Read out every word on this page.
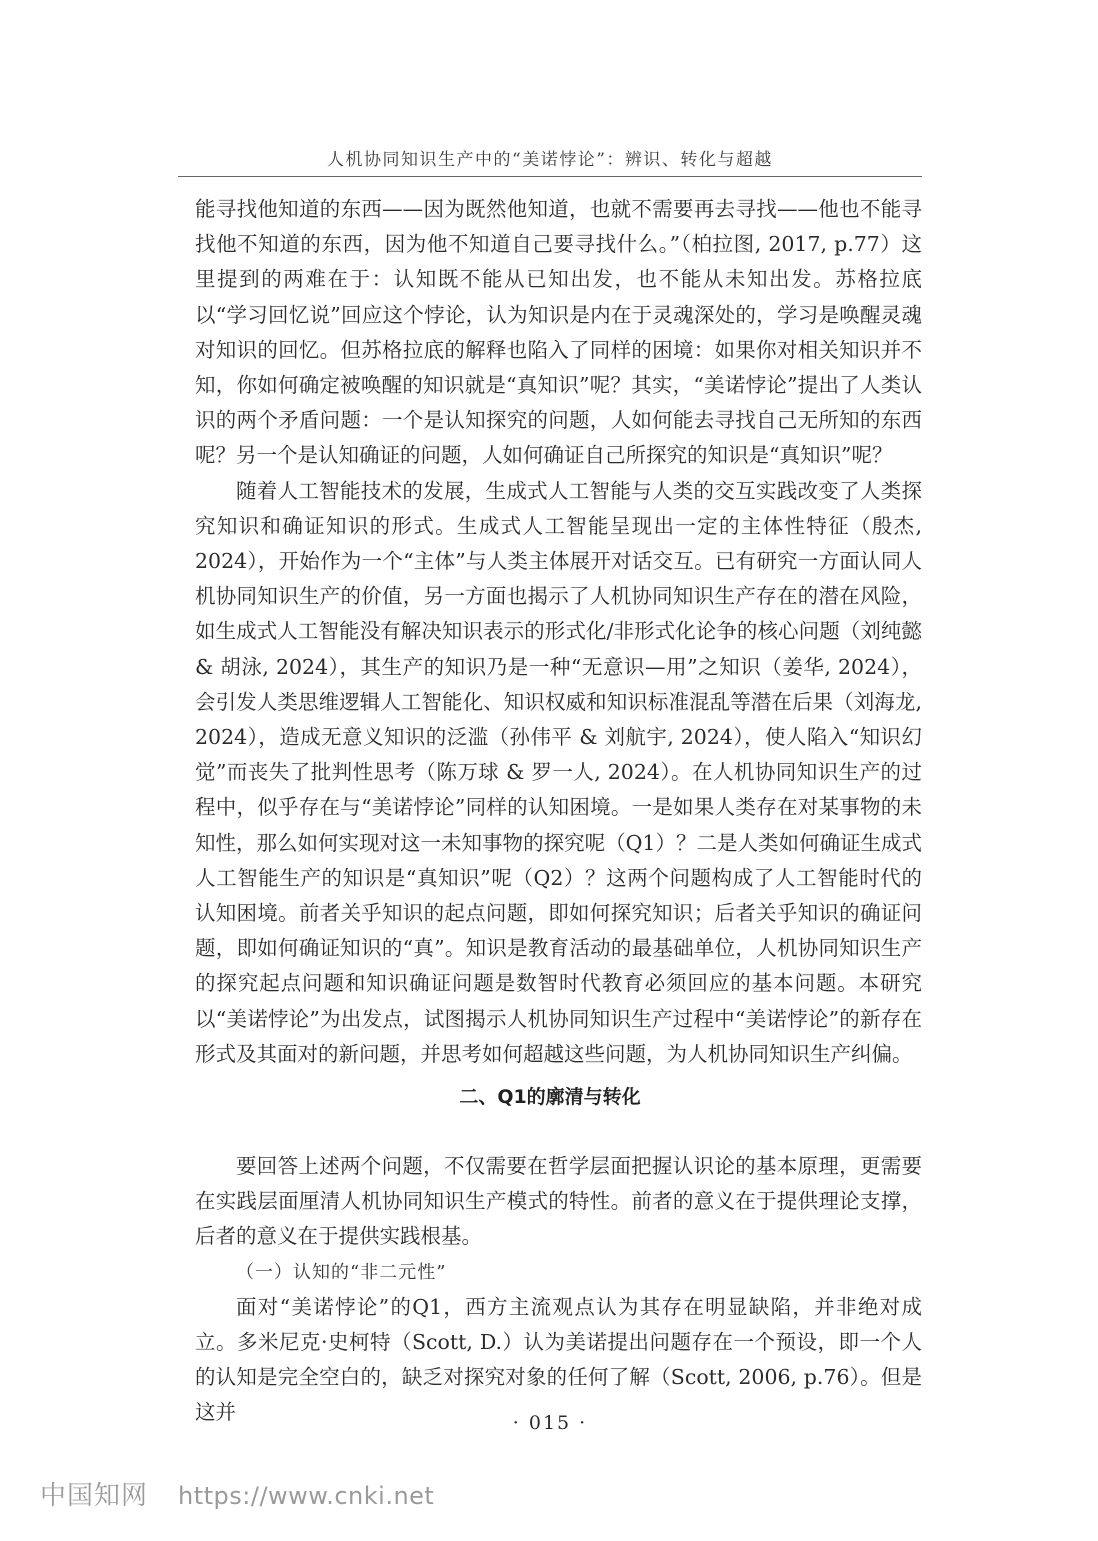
人机协同知识生产中的“美诺悖论”：辨识、转化与超越

能寻找他知道的东西——因为既然他知道，也就不需要再去寻找——他也不能寻找他不知道的东西，因为他不知道自己要寻找什么。”（柏拉图, 2017, p.77）这里提到的两难在于：认知既不能从已知出发，也不能从未知出发。苏格拉底以“学习回忆说”回应这个悖论，认为知识是内在于灵魂深处的，学习是唤醒灵魂对知识的回忆。但苏格拉底的解释也陷入了同样的困境：如果你对相关知识并不知，你如何确定被唤醒的知识就是“真知识”呢？其实，“美诺悖论”提出了人类认识的两个矛盾问题：一个是认知探究的问题，人如何能去寻找自己无所知的东西呢？另一个是认知确证的问题，人如何确证自己所探究的知识是“真知识”呢？

随着人工智能技术的发展，生成式人工智能与人类的交互实践改变了人类探究知识和确证知识的形式。生成式人工智能呈现出一定的主体性特征（殷杰, 2024），开始作为一个“主体”与人类主体展开对话交互。已有研究一方面认同人机协同知识生产的价值，另一方面也揭示了人机协同知识生产存在的潜在风险，如生成式人工智能没有解决知识表示的形式化/非形式化论争的核心问题（刘纯懿 & 胡泳, 2024），其生产的知识乃是一种“无意识—用”之知识（姜华, 2024），会引发人类思维逻辑人工智能化、知识权威和知识标准混乱等潜在后果（刘海龙, 2024），造成无意义知识的泛滥（孙伟平 & 刘航宇, 2024），使人陷入“知识幻觉”而丧失了批判性思考（陈万球 & 罗一人, 2024）。在人机协同知识生产的过程中，似乎存在与“美诺悖论”同样的认知困境。一是如果人类存在对某事物的未知性，那么如何实现对这一未知事物的探究呢（Q1）？二是人类如何确证生成式人工智能生产的知识是“真知识”呢（Q2）？这两个问题构成了人工智能时代的认知困境。前者关乎知识的起点问题，即如何探究知识；后者关乎知识的确证问题，即如何确证知识的“真”。知识是教育活动的最基础单位，人机协同知识生产的探究起点问题和知识确证问题是数智时代教育必须回应的基本问题。本研究以“美诺悖论”为出发点，试图揭示人机协同知识生产过程中“美诺悖论”的新存在形式及其面对的新问题，并思考如何超越这些问题，为人机协同知识生产纠偏。

二、Q1的廓清与转化

要回答上述两个问题，不仅需要在哲学层面把握认识论的基本原理，更需要在实践层面厘清人机协同知识生产模式的特性。前者的意义在于提供理论支撑，后者的意义在于提供实践根基。

（一）认知的“非二元性”

面对“美诺悖论”的Q1，西方主流观点认为其存在明显缺陷，并非绝对成立。多米尼克·史柯特（Scott, D.）认为美诺提出问题存在一个预设，即一个人的认知是完全空白的，缺乏对探究对象的任何了解（Scott, 2006, p.76）。但是这并	· 015 ·
中国知网 https://www.cnki.net
